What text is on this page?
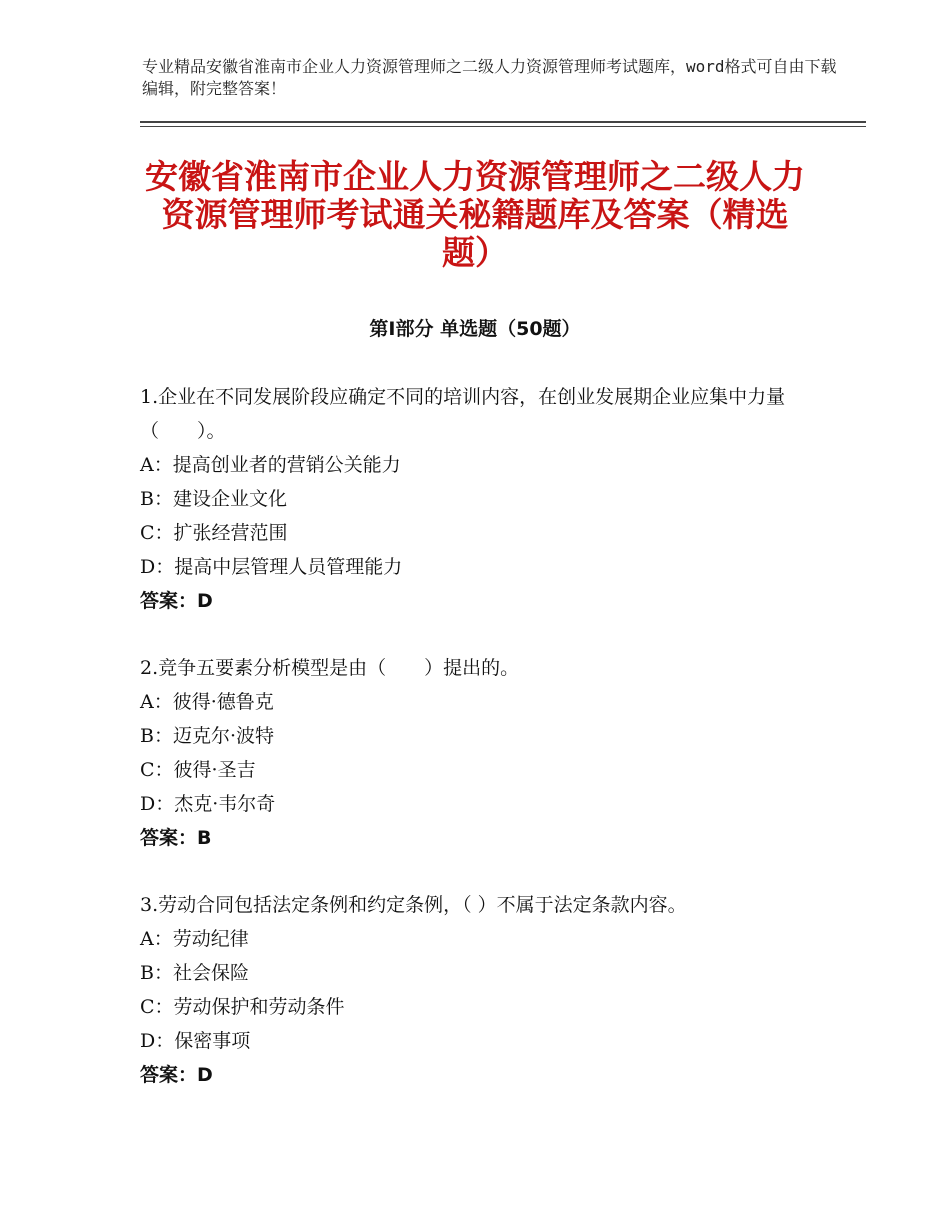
专业精品安徽省淮南市企业人力资源管理师之二级人力资源管理师考试题库，word格式可自由下载编辑，附完整答案！
安徽省淮南市企业人力资源管理师之二级人力资源管理师考试通关秘籍题库及答案（精选题）
第Ⅰ部分 单选题（50题）

1.企业在不同发展阶段应确定不同的培训内容，在创业发展期企业应集中力量（　　）。

A：提高创业者的营销公关能力

B：建设企业文化

C：扩张经营范围

D：提高中层管理人员管理能力

答案：D

2.竞争五要素分析模型是由（　　）提出的。

A：彼得·德鲁克

B：迈克尔·波特

C：彼得·圣吉

D：杰克·韦尔奇

答案：B

3.劳动合同包括法定条例和约定条例，（ ）不属于法定条款内容。

A：劳动纪律

B：社会保险

C：劳动保护和劳动条件

D：保密事项

答案：D
